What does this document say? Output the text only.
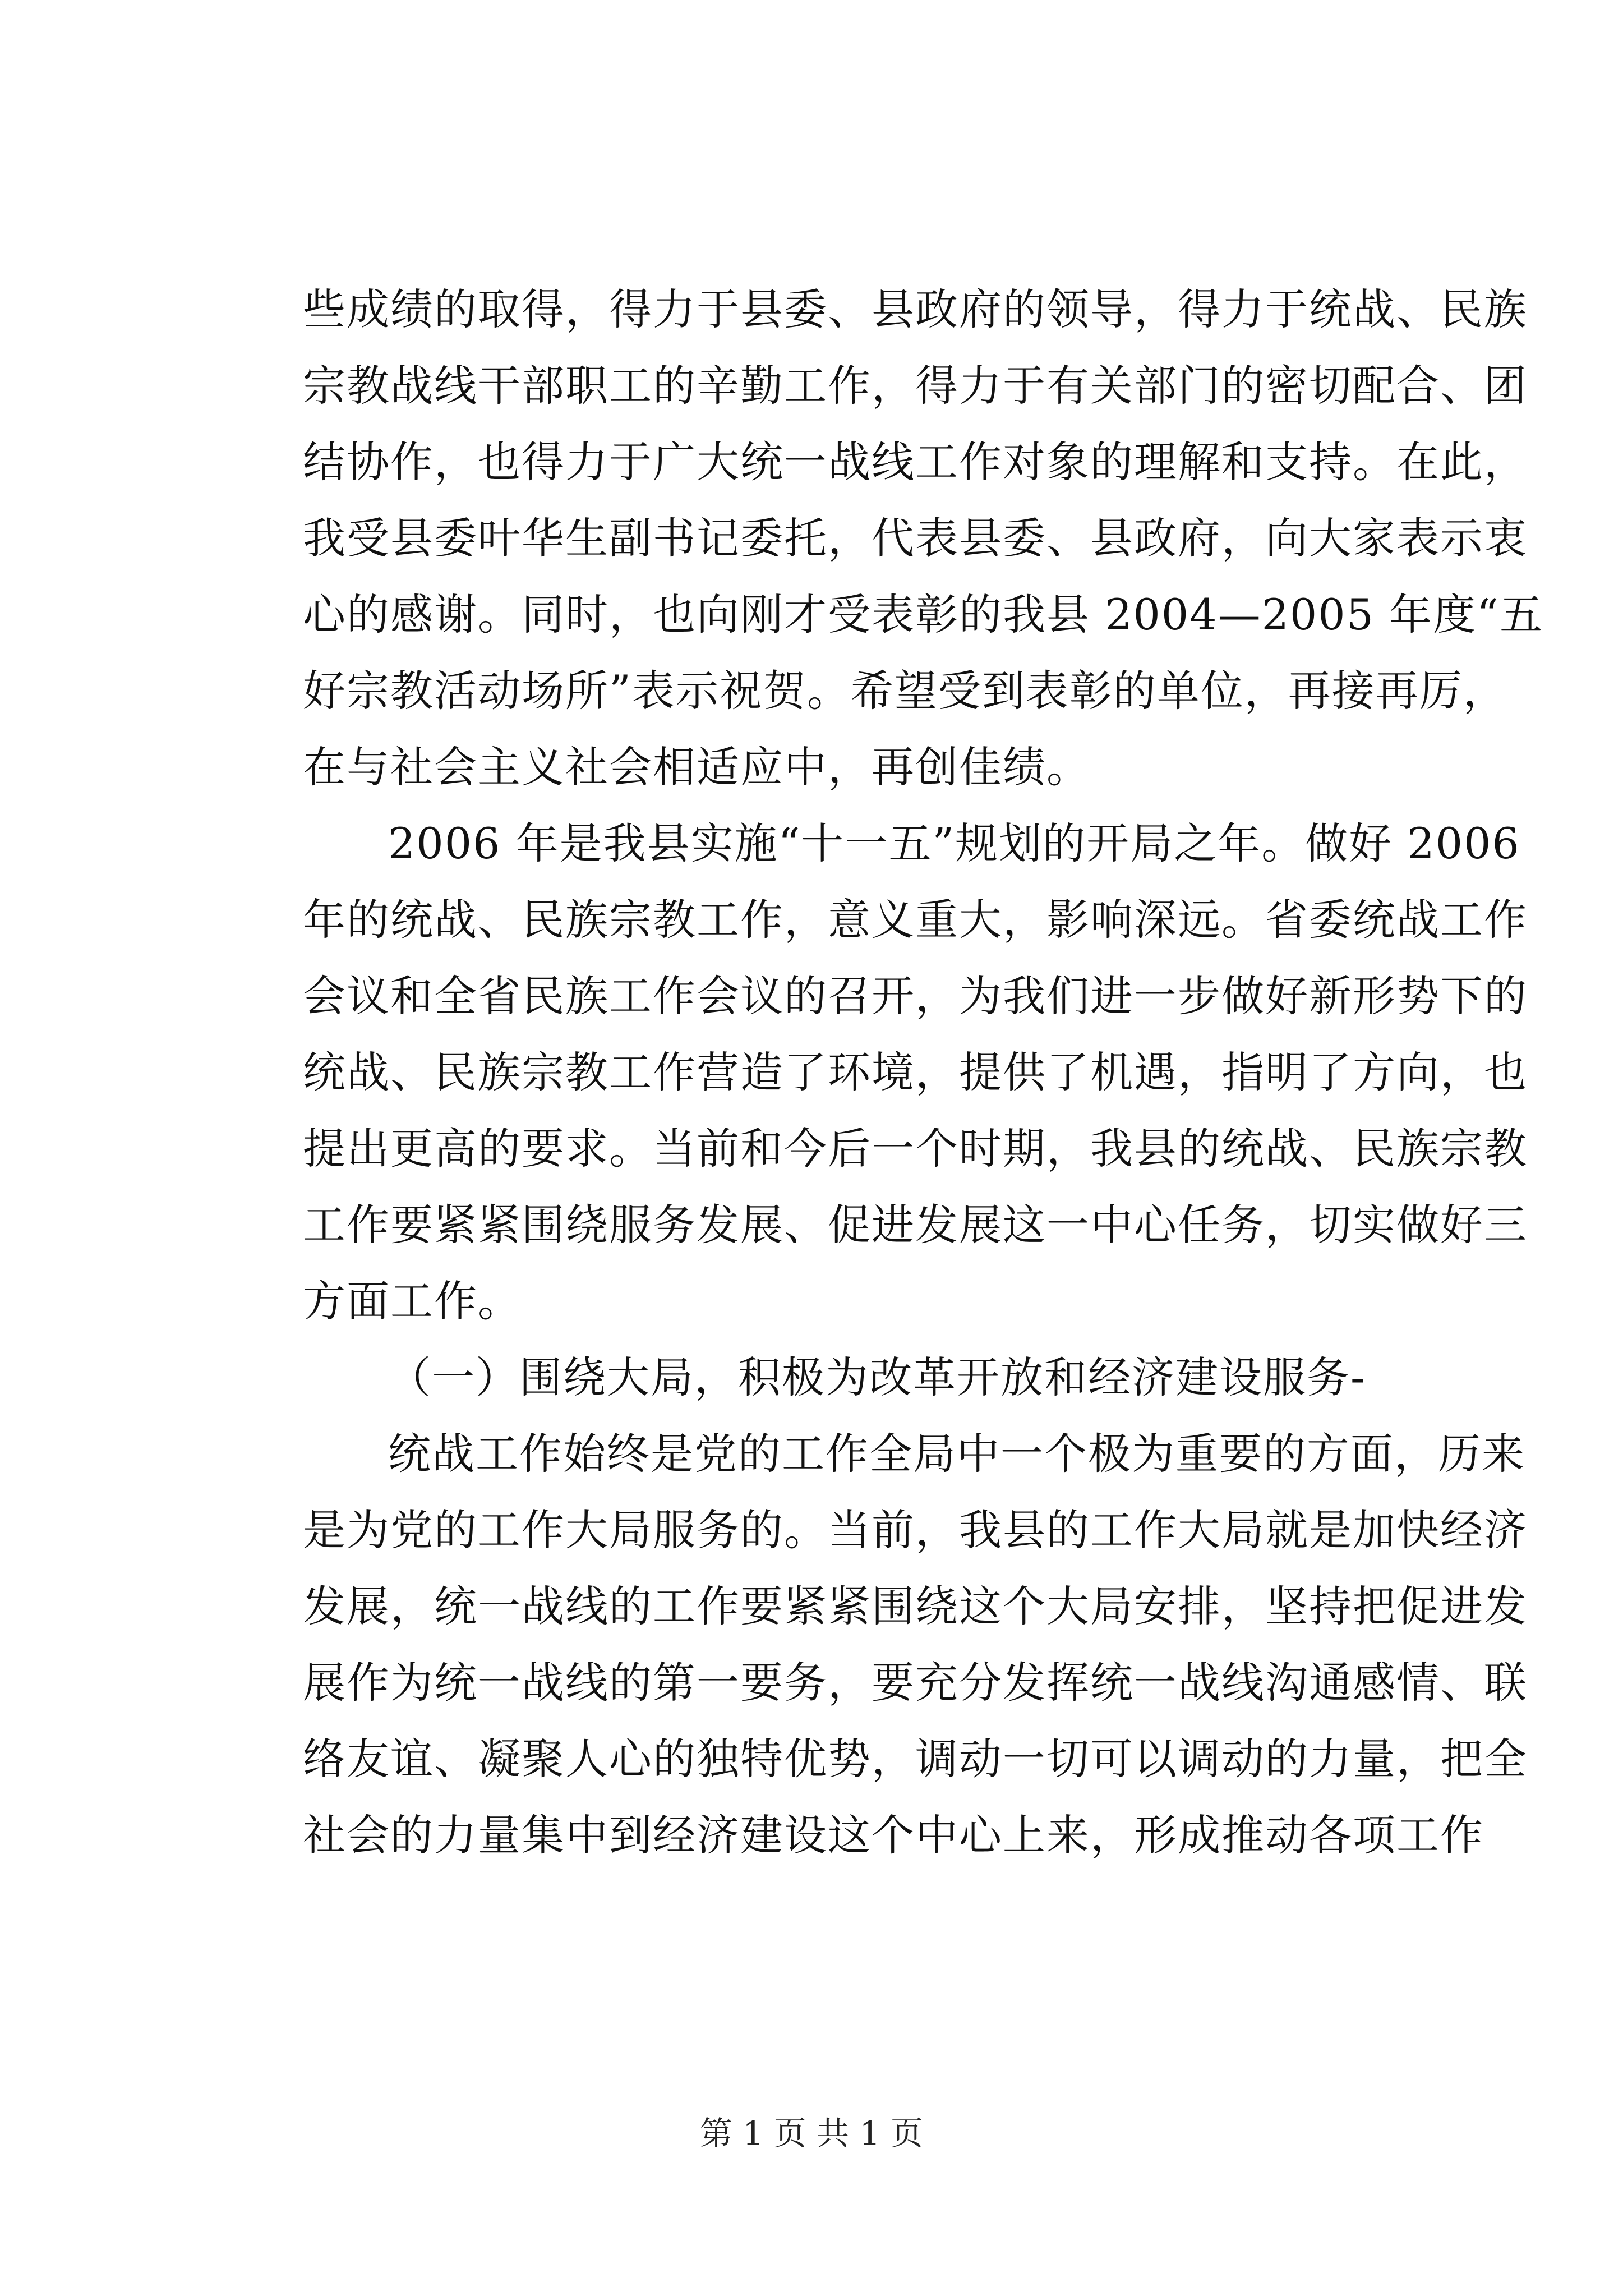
些成绩的取得，得力于县委、县政府的领导，得力于统战、民族
宗教战线干部职工的辛勤工作，得力于有关部门的密切配合、团
结协作，也得力于广大统一战线工作对象的理解和支持。在此，
我受县委叶华生副书记委托，代表县委、县政府，向大家表示衷
心的感谢。同时，也向刚才受表彰的我县 2004—2005 年度“五
好宗教活动场所”表示祝贺。希望受到表彰的单位，再接再厉，
在与社会主义社会相适应中，再创佳绩。
2006 年是我县实施“十一五”规划的开局之年。做好 2006
年的统战、民族宗教工作，意义重大，影响深远。省委统战工作
会议和全省民族工作会议的召开，为我们进一步做好新形势下的
统战、民族宗教工作营造了环境，提供了机遇，指明了方向，也
提出更高的要求。当前和今后一个时期，我县的统战、民族宗教
工作要紧紧围绕服务发展、促进发展这一中心任务，切实做好三
方面工作。
（一）围绕大局，积极为改革开放和经济建设服务-
统战工作始终是党的工作全局中一个极为重要的方面，历来
是为党的工作大局服务的。当前，我县的工作大局就是加快经济
发展，统一战线的工作要紧紧围绕这个大局安排，坚持把促进发
展作为统一战线的第一要务，要充分发挥统一战线沟通感情、联
络友谊、凝聚人心的独特优势，调动一切可以调动的力量，把全
社会的力量集中到经济建设这个中心上来，形成推动各项工作
第 1 页 共 1 页
